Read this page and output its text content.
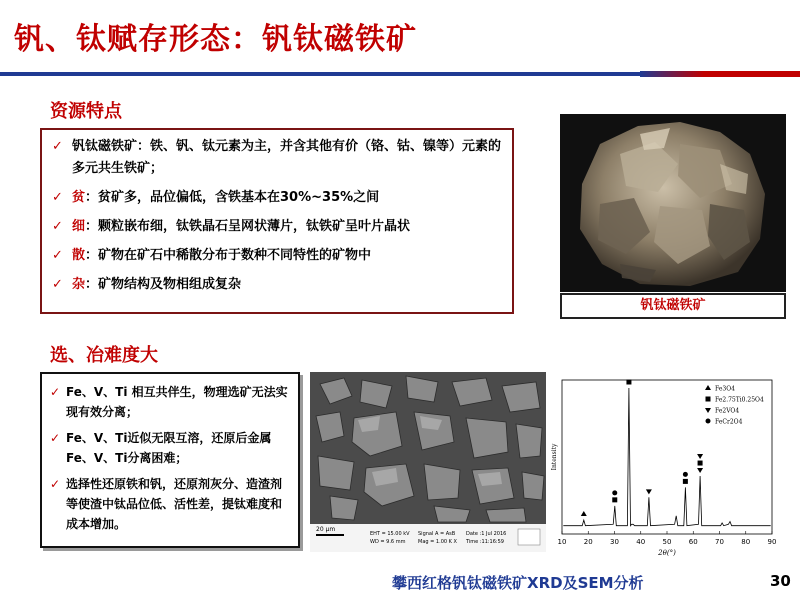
钒、钛赋存形态：钒钛磁铁矿
资源特点
✓ 钒钛磁铁矿：铁、钒、钛元素为主，并含其他有价（铬、钴、镍等）元素的多元共生铁矿；
✓ 贫：贫矿多，品位偏低，含铁基本在30%~35%之间
✓ 细：颗粒嵌布细，钛铁晶石呈网状薄片，钛铁矿呈叶片晶状
✓ 散：矿物在矿石中稀散分布于数种不同特性的矿物中
✓ 杂：矿物结构及物相组成复杂
钒钛磁铁矿
选、冶难度大
✓ Fe、V、Ti 相互共伴生，物理选矿无法实现有效分离；
✓ Fe、V、Ti近似无限互溶，还原后金属Fe、V、Ti分离困难；
✓ 选择性还原铁和钒，还原剂灰分、造渣剂等使渣中钛品位低、活性差，提钛难度和成本增加。	20 μm
EHT = 15.00 kV
WD = 9.6 mm
Signal A = AsB
Mag = 1.00 K X
Date :1 Jul 2016
Time :11:16:59	10 20 30 40 50 60 70 80 90
2θ(°)
Intensity
Fe3O4
Fe2.75Ti0.25O4
Fe2VO4
FeCr2O4
攀西红格钒钛磁铁矿XRD及SEM分析	30
